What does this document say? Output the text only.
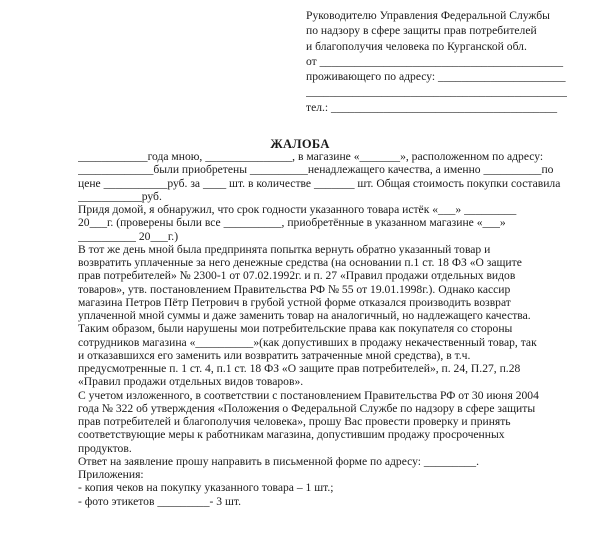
Руководителю Управления Федеральной Службы
по надзору в сфере защиты прав потребителей
и благополучия человека по Курганской обл.
от __________________________________________
проживающего по адресу: ______________________
_____________________________________________
тел.: _______________________________________
ЖАЛОБА
____________года мною, _______________, в магазине «_______», расположенном по адресу:
_____________были приобретены __________ненадлежащего качества, а именно __________по
цене ___________руб. за ____ шт. в количестве _______ шт. Общая стоимость покупки составила
___________руб.
Придя домой, я обнаружил, что срок годности указанного товара истёк «___» _________
20___г. (проверены были все __________, приобретённые в указанном магазине «___»
__________ 20___г.)
В тот же день мной была предпринята попытка вернуть обратно указанный товар и
возвратить уплаченные за него денежные средства (на основании п.1 ст. 18 ФЗ «О защите
прав потребителей» № 2300-1 от 07.02.1992г. и п. 27 «Правил продажи отдельных видов
товаров», утв. постановлением Правительства РФ № 55 от 19.01.1998г.). Однако кассир
магазина Петров Пётр Петрович в грубой устной форме отказался производить возврат
уплаченной мной суммы и даже заменить товар на аналогичный, но надлежащего качества.
Таким образом, были нарушены мои потребительские права как покупателя со стороны
сотрудников магазина «__________»(как допустивших в продажу некачественный товар, так
и отказавшихся его заменить или возвратить затраченные мной средства), в т.ч.
предусмотренные п. 1 ст. 4, п.1 ст. 18 ФЗ «О защите прав потребителей», п. 24, П.27, п.28
«Правил продажи отдельных видов товаров».
С учетом изложенного, в соответствии с постановлением Правительства РФ от 30 июня 2004
года № 322 об утверждения «Положения о Федеральной Службе по надзору в сфере защиты
прав потребителей и благополучия человека», прошу Вас провести проверку и принять
соответствующие меры к работникам магазина, допустившим продажу просроченных
продуктов.
Ответ на заявление прошу направить в письменной форме по адресу: _________.
Приложения:
- копия чеков на покупку указанного товара – 1 шт.;
- фото этикетов _________- 3 шт.
